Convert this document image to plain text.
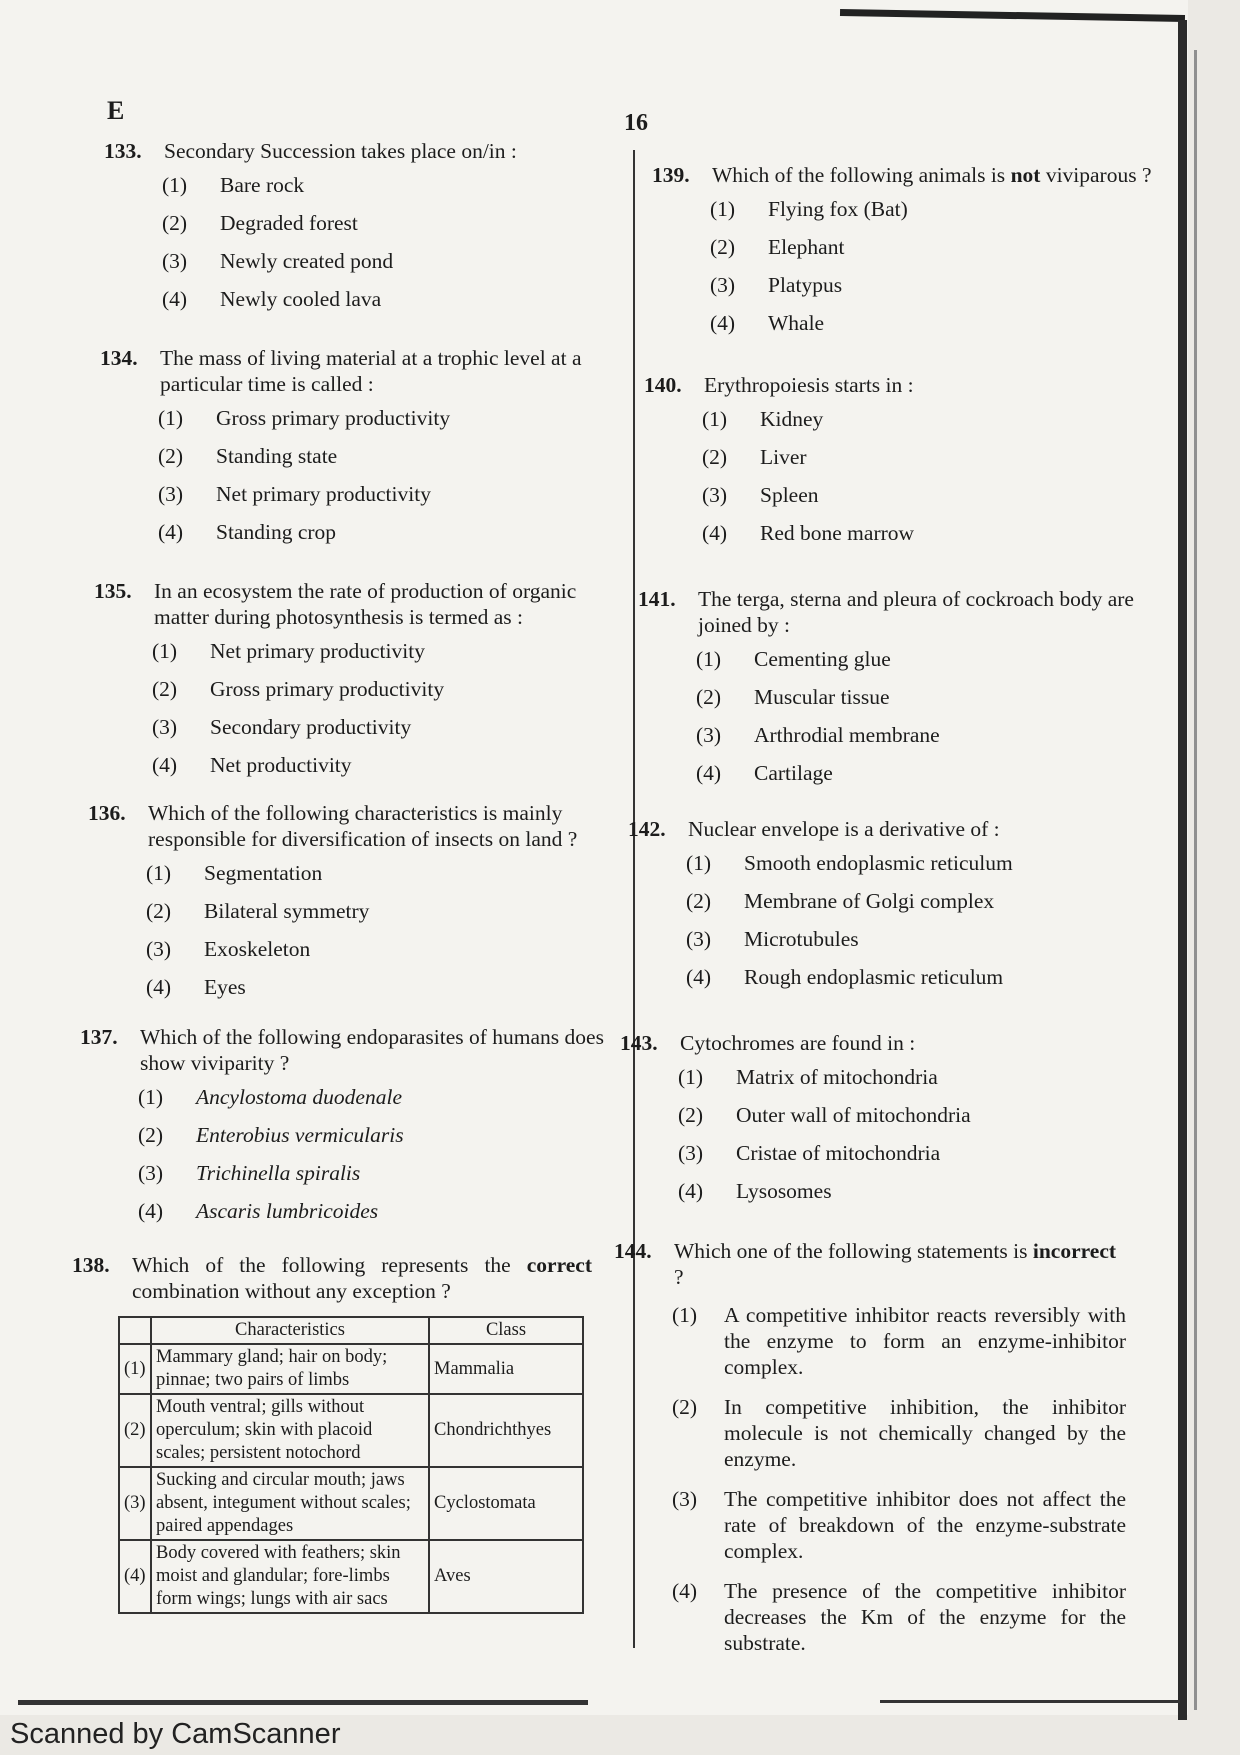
E	16
133. Secondary Succession takes place on/in :
(1)	Bare rock
(2)	Degraded forest
(3)	Newly created pond
(4)	Newly cooled lava
134. The mass of living material at a trophic level at a particular time is called :
(1)	Gross primary productivity
(2)	Standing state
(3)	Net primary productivity
(4)	Standing crop
135. In an ecosystem the rate of production of organic matter during photosynthesis is termed as :
(1)	Net primary productivity
(2)	Gross primary productivity
(3)	Secondary productivity
(4)	Net productivity
136. Which of the following characteristics is mainly responsible for diversification of insects on land ?
(1)	Segmentation
(2)	Bilateral symmetry
(3)	Exoskeleton
(4)	Eyes
137. Which of the following endoparasites of humans does show viviparity ?
(1)	Ancylostoma duodenale
(2)	Enterobius vermicularis
(3)	Trichinella spiralis
(4)	Ascaris lumbricoides
138. Which of the following represents the correct combination without any exception ?
	Characteristics	Class
(1)	Mammary gland; hair on body; pinnae; two pairs of limbs	Mammalia
(2)	Mouth ventral; gills without operculum; skin with placoid scales; persistent notochord	Chondrichthyes
(3)	Sucking and circular mouth; jaws absent, integument without scales; paired appendages	Cyclostomata
(4)	Body covered with feathers; skin moist and glandular; fore-limbs form wings; lungs with air sacs	Aves
139. Which of the following animals is not viviparous ?
(1)	Flying fox (Bat)
(2)	Elephant
(3)	Platypus
(4)	Whale
140. Erythropoiesis starts in :
(1)	Kidney
(2)	Liver
(3)	Spleen
(4)	Red bone marrow
141. The terga, sterna and pleura of cockroach body are joined by :
(1)	Cementing glue
(2)	Muscular tissue
(3)	Arthrodial membrane
(4)	Cartilage
142. Nuclear envelope is a derivative of :
(1)	Smooth endoplasmic reticulum
(2)	Membrane of Golgi complex
(3)	Microtubules
(4)	Rough endoplasmic reticulum
143. Cytochromes are found in :
(1)	Matrix of mitochondria
(2)	Outer wall of mitochondria
(3)	Cristae of mitochondria
(4)	Lysosomes
144. Which one of the following statements is incorrect ?
(1)	A competitive inhibitor reacts reversibly with the enzyme to form an enzyme-inhibitor complex.
(2)	In competitive inhibition, the inhibitor molecule is not chemically changed by the enzyme.
(3)	The competitive inhibitor does not affect the rate of breakdown of the enzyme-substrate complex.
(4)	The presence of the competitive inhibitor decreases the Km of the enzyme for the substrate.
Scanned by CamScanner
